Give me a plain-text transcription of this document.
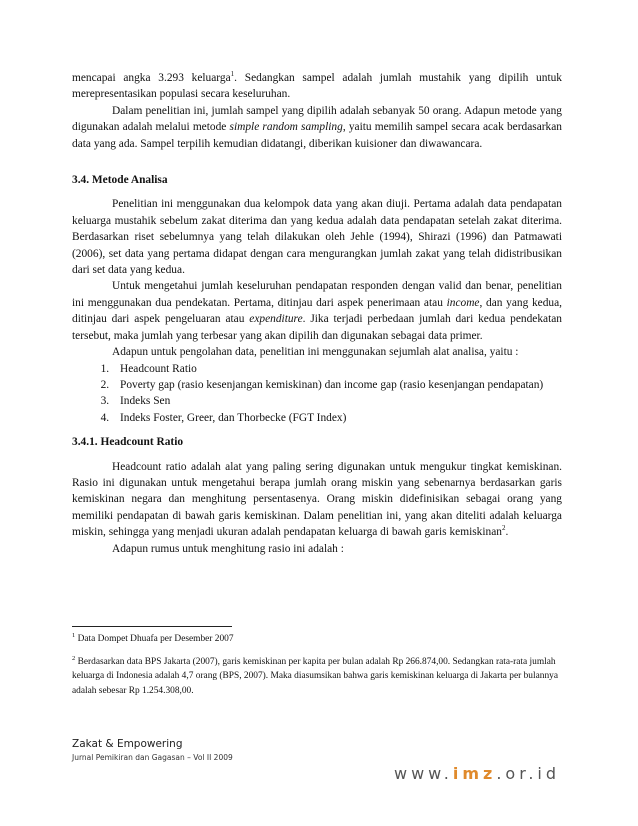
mencapai angka 3.293 keluarga$^1$. Sedangkan sampel adalah jumlah mustahik yang dipilih untuk merepresentasikan populasi secara keseluruhan.

Dalam penelitian ini, jumlah sampel yang dipilih adalah sebanyak 50 orang. Adapun metode yang digunakan adalah melalui metode simple random sampling, yaitu memilih sampel secara acak berdasarkan data yang ada. Sampel terpilih kemudian didatangi, diberikan kuisioner dan diwawancara.

3.4. Metode Analisa

Penelitian ini menggunakan dua kelompok data yang akan diuji. Pertama adalah data pendapatan keluarga mustahik sebelum zakat diterima dan yang kedua adalah data pendapatan setelah zakat diterima. Berdasarkan riset sebelumnya yang telah dilakukan oleh Jehle (1994), Shirazi (1996) dan Patmawati (2006), set data yang pertama didapat dengan cara mengurangkan jumlah zakat yang telah didistribusikan dari set data yang kedua.

Untuk mengetahui jumlah keseluruhan pendapatan responden dengan valid dan benar, penelitian ini menggunakan dua pendekatan. Pertama, ditinjau dari aspek penerimaan atau income, dan yang kedua, ditinjau dari aspek pengeluaran atau expenditure. Jika terjadi perbedaan jumlah dari kedua pendekatan tersebut, maka jumlah yang terbesar yang akan dipilih dan digunakan sebagai data primer.

Adapun untuk pengolahan data, penelitian ini menggunakan sejumlah alat analisa, yaitu :

1. Headcount Ratio
2. Poverty gap (rasio kesenjangan kemiskinan) dan income gap (rasio kesenjangan pendapatan)
3. Indeks Sen
4. Indeks Foster, Greer, dan Thorbecke (FGT Index)
3.4.1. Headcount Ratio

Headcount ratio adalah alat yang paling sering digunakan untuk mengukur tingkat kemiskinan. Rasio ini digunakan untuk mengetahui berapa jumlah orang miskin yang sebenarnya berdasarkan garis kemiskinan negara dan menghitung persentasenya. Orang miskin didefinisikan sebagai orang yang memiliki pendapatan di bawah garis kemiskinan. Dalam penelitian ini, yang akan diteliti adalah keluarga miskin, sehingga yang menjadi ukuran adalah pendapatan keluarga di bawah garis kemiskinan$^2$.

Adapun rumus untuk menghitung rasio ini adalah :

$^1$ Data Dompet Dhuafa per Desember 2007

$^2$ Berdasarkan data BPS Jakarta (2007), garis kemiskinan per kapita per bulan adalah Rp 266.874,00. Sedangkan rata-rata jumlah keluarga di Indonesia adalah 4,7 orang (BPS, 2007). Maka diasumsikan bahwa garis kemiskinan keluarga di Jakarta per bulannya adalah sebesar Rp 1.254.308,00.

Zakat & Empowering
Jurnal Pemikiran dan Gagasan – Vol II 2009
www.imz.or.id
